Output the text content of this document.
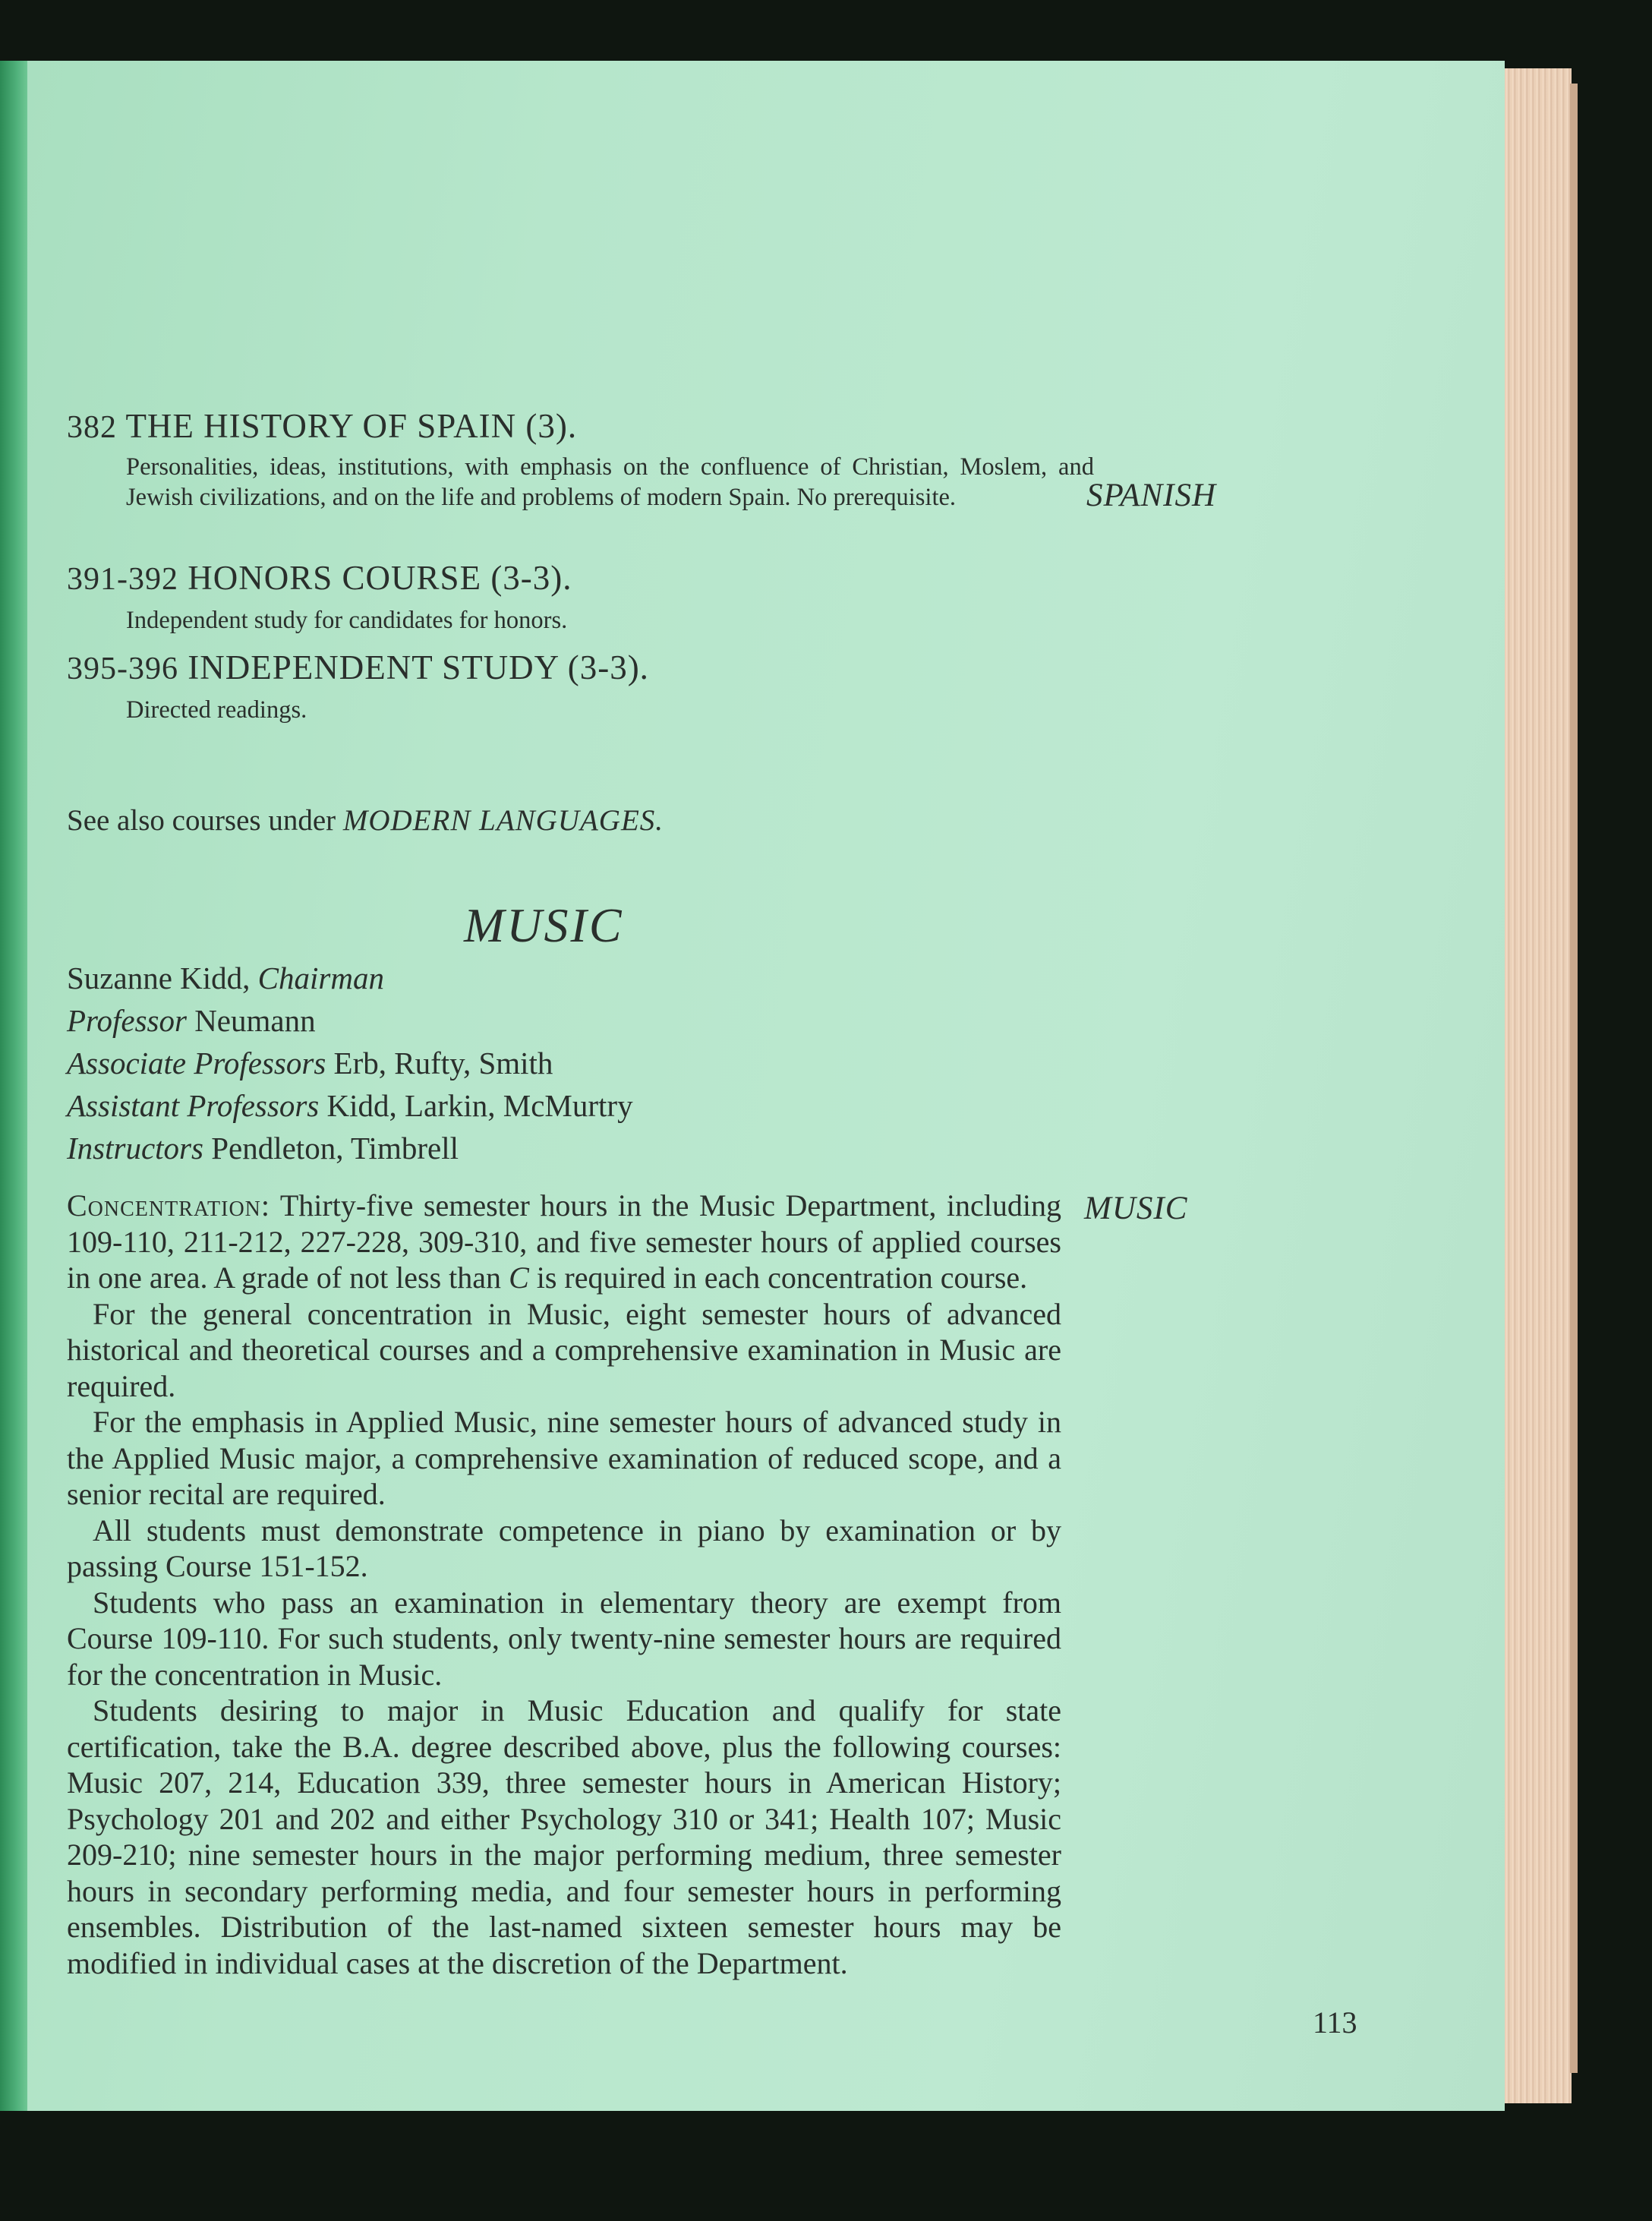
382 THE HISTORY OF SPAIN (3).

Personalities, ideas, institutions, with emphasis on the confluence of Christian, Moslem, and Jewish civilizations, and on the life and problems of modern Spain. No prerequisite.

391-392 HONORS COURSE (3-3).

Independent study for candidates for honors.

395-396 INDEPENDENT STUDY (3-3).

Directed readings.

See also courses under MODERN LANGUAGES.
SPANISH
MUSIC
MUSIC
Suzanne Kidd, Chairman
Professor Neumann
Associate Professors Erb, Rufty, Smith
Assistant Professors Kidd, Larkin, McMurtry
Instructors Pendleton, Timbrell

Concentration: Thirty-five semester hours in the Music Department, including 109-110, 211-212, 227-228, 309-310, and five semester hours of applied courses in one area. A grade of not less than C is required in each concentration course.

For the general concentration in Music, eight semester hours of advanced historical and theoretical courses and a comprehensive examination in Music are required.

For the emphasis in Applied Music, nine semester hours of advanced study in the Applied Music major, a comprehensive examination of reduced scope, and a senior recital are required.

All students must demonstrate competence in piano by examination or by passing Course 151-152.

Students who pass an examination in elementary theory are exempt from Course 109-110. For such students, only twenty-nine semester hours are required for the concentration in Music.

Students desiring to major in Music Education and qualify for state certification, take the B.A. degree described above, plus the following courses: Music 207, 214, Education 339, three semester hours in American History; Psychology 201 and 202 and either Psychology 310 or 341; Health 107; Music 209-210; nine semester hours in the major performing medium, three semester hours in secondary performing media, and four semester hours in performing ensembles. Distribution of the last-named sixteen semester hours may be modified in individual cases at the discretion of the Department.

113
